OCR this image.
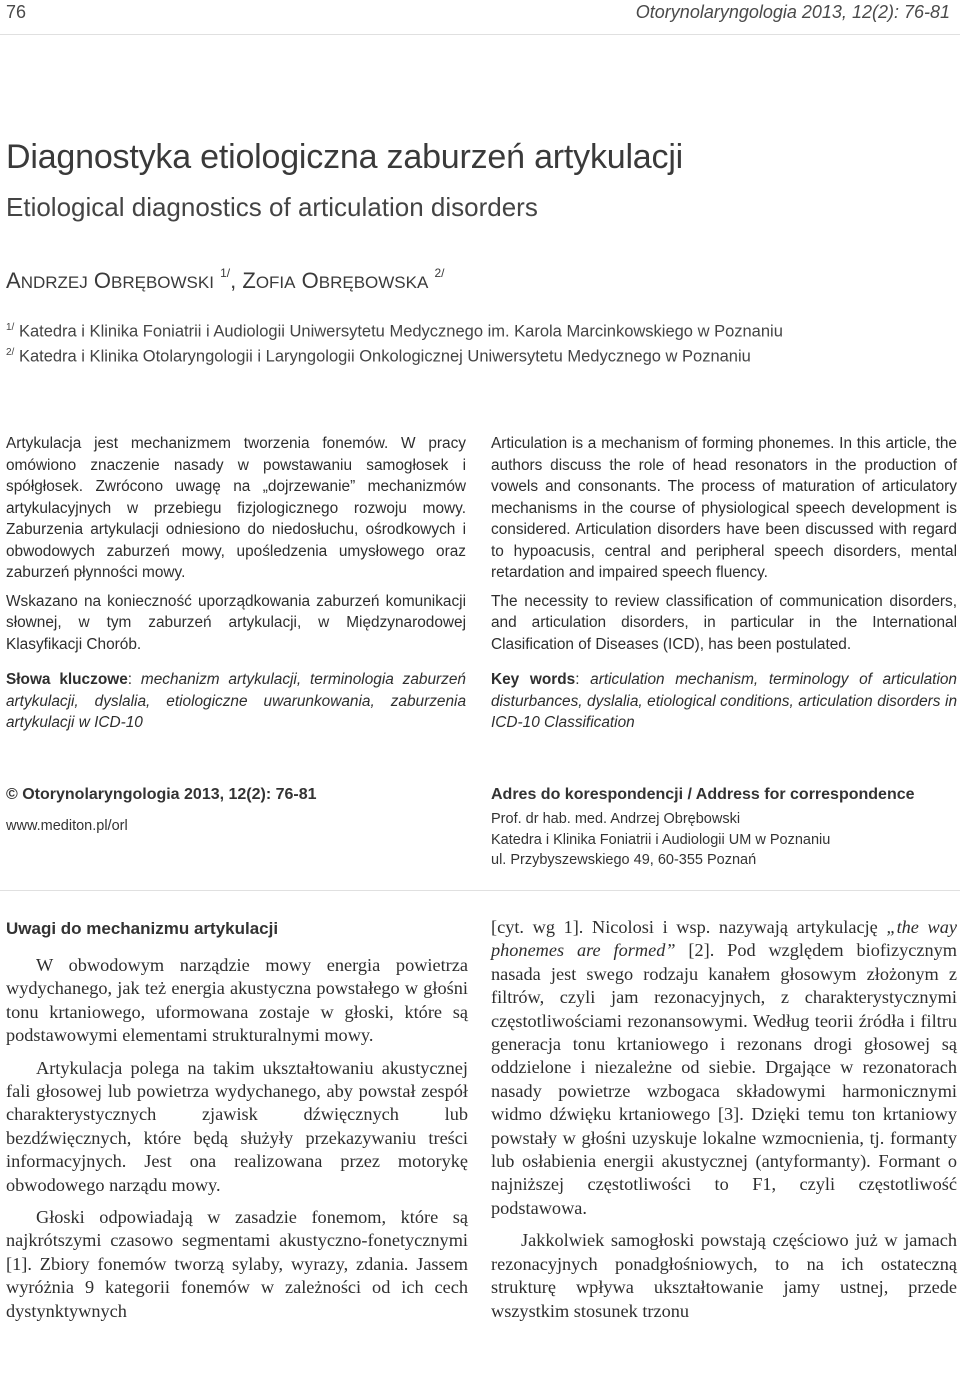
76	Otorynolaryngologia 2013, 12(2): 76-81
Diagnostyka etiologiczna zaburzeń artykulacji
Etiological diagnostics of articulation disorders
ANDRZEJ OBRĘBOWSKI $^{1/}$, ZOFIA OBRĘBOWSKA $^{2/}$
$^{1/}$ Katedra i Klinika Foniatrii i Audiologii Uniwersytetu Medycznego im. Karola Marcinkowskiego w Poznaniu
$^{2/}$ Katedra i Klinika Otolaryngologii i Laryngologii Onkologicznej Uniwersytetu Medycznego w Poznaniu

Artykulacja jest mechanizmem tworzenia fonemów. W pracy omówiono znaczenie nasady w powstawaniu samogłosek i spółgłosek. Zwrócono uwagę na „dojrzewanie” mechanizmów artykulacyjnych w przebiegu fizjologicznego rozwoju mowy. Zaburzenia artykulacji odniesiono do niedosłuchu, ośrodkowych i obwodowych zaburzeń mowy, upośledzenia umysłowego oraz zaburzeń płynności mowy.

Wskazano na konieczność uporządkowania zaburzeń komunikacji słownej, w tym zaburzeń artykulacji, w Międzynarodowej Klasyfikacji Chorób.

Słowa kluczowe: mechanizm artykulacji, terminologia zaburzeń artykulacji, dyslalia, etiologiczne uwarunkowania, zaburzenia artykulacji w ICD-10

Articulation is a mechanism of forming phonemes. In this article, the authors discuss the role of head resonators in the production of vowels and consonants. The process of maturation of articulatory mechanisms in the course of physiological speech development is considered. Articulation disorders have been discussed with regard to hypoacusis, central and peripheral speech disorders, mental retardation and impaired speech fluency.

The necessity to review classification of communication disorders, and articulation disorders, in particular in the International Clasification of Diseases (ICD), has been postulated.

Key words: articulation mechanism, terminology of articulation disturbances, dyslalia, etiological conditions, articulation disorders in ICD-10 Classification

© Otorynolaryngologia 2013, 12(2): 76-81
www.mediton.pl/orl
Adres do korespondencji / Address for correspondence
Prof. dr hab. med. Andrzej Obrębowski
Katedra i Klinika Foniatrii i Audiologii UM w Poznaniu
ul. Przybyszewskiego 49, 60-355 Poznań
Uwagi do mechanizmu artykulacji

W obwodowym narządzie mowy energia powietrza wydychanego, jak też energia akustyczna powstałego w głośni tonu krtaniowego, uformowana zostaje w głoski, które są podstawowymi elementami strukturalnymi mowy.

Artykulacja polega na takim ukształtowaniu akustycznej fali głosowej lub powietrza wydychanego, aby powstał zespół charakterystycznych zjawisk dźwięcznych lub bezdźwięcznych, które będą służyły przekazywaniu treści informacyjnych. Jest ona realizowana przez motorykę obwodowego narządu mowy.

Głoski odpowiadają w zasadzie fonemom, które są najkrótszymi czasowo segmentami akustyczno-fonetycznymi [1]. Zbiory fonemów tworzą sylaby, wyrazy, zdania. Jassem wyróżnia 9 kategorii fonemów w zależności od ich cech dystynktywnych

[cyt. wg 1]. Nicolosi i wsp. nazywają artykulację „the way phonemes are formed” [2]. Pod względem biofizycznym nasada jest swego rodzaju kanałem głosowym złożonym z filtrów, czyli jam rezonacyjnych, z charakterystycznymi częstotliwościami rezonansowymi. Według teorii źródła i filtru generacja tonu krtaniowego i rezonans drogi głosowej są oddzielone i niezależne od siebie. Drgające w rezonatorach nasady powietrze wzbogaca składowymi harmonicznymi widmo dźwięku krtaniowego [3]. Dzięki temu ton krtaniowy powstały w głośni uzyskuje lokalne wzmocnienia, tj. formanty lub osłabienia energii akustycznej (antyformanty). Formant o najniższej częstotliwości to F1, czyli częstotliwość podstawowa.

Jakkolwiek samogłoski powstają częściowo już w jamach rezonacyjnych ponadgłośniowych, to na ich ostateczną strukturę wpływa ukształtowanie jamy ustnej, przede wszystkim stosunek trzonu
